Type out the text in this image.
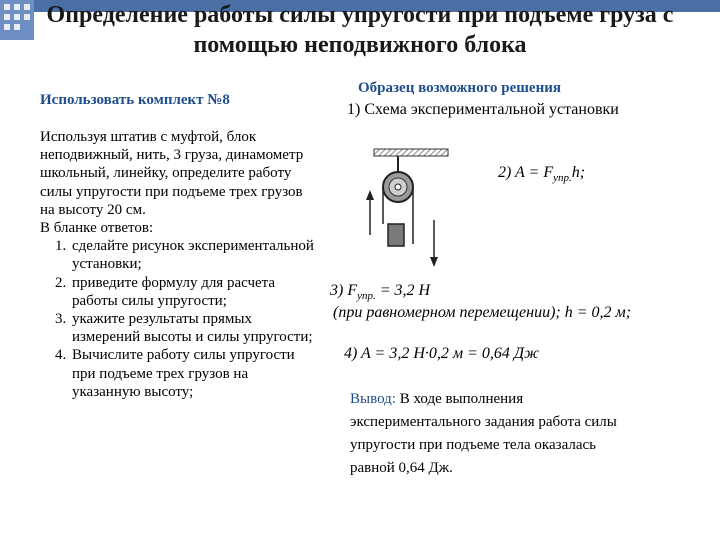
Определение работы силы упругости при подъеме груза с помощью неподвижного блока
Использовать комплект №8

Используя штатив с муфтой, блок неподвижный, нить, 3 груза, динамометр школьный, линейку, определите работу силы упругости при подъеме трех грузов на высоту 20 см.

В бланке ответов:

1. сделайте рисунок экспериментальной установки;
2. приведите формулу для расчета работы силы упругости;
3. укажите результаты прямых измерений высоты и силы упругости;
4. Вычислите работу силы упругости при подъеме трех грузов на указанную высоту;
Образец возможного решения
1) Схема экспериментальной установки
2) $A = F_{упр.}h$;
3) $F_{упр.} = 3,2$ Н
(при равномерном перемещении); h = 0,2 м;
4) A = 3,2 Н·0,2 м = 0,64 Дж
Вывод: В ходе выполнения экспериментального задания работа силы упругости при подъеме тела оказалась равной 0,64 Дж.
